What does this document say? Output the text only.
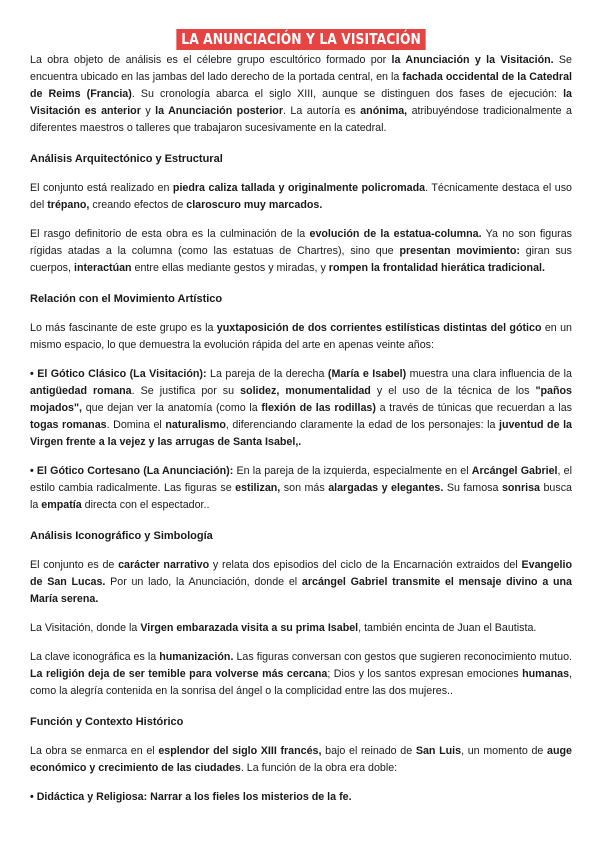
LA ANUNCIACIÓN Y LA VISITACIÓN

La obra objeto de análisis es el célebre grupo escultórico formado por la Anunciación y la Visitación. Se encuentra ubicado en las jambas del lado derecho de la portada central, en la fachada occidental de la Catedral de Reims (Francia). Su cronología abarca el siglo XIII, aunque se distinguen dos fases de ejecución: la Visitación es anterior y la Anunciación posterior. La autoría es anónima, atribuyéndose tradicionalmente a diferentes maestros o talleres que trabajaron sucesivamente en la catedral.

Análisis Arquitectónico y Estructural

El conjunto está realizado en piedra caliza tallada y originalmente policromada. Técnicamente destaca el uso del trépano, creando efectos de claroscuro muy marcados.

El rasgo definitorio de esta obra es la culminación de la evolución de la estatua-columna. Ya no son figuras rígidas atadas a la columna (como las estatuas de Chartres), sino que presentan movimiento: giran sus cuerpos, interactúan entre ellas mediante gestos y miradas, y rompen la frontalidad hierática tradicional.

Relación con el Movimiento Artístico

Lo más fascinante de este grupo es la yuxtaposición de dos corrientes estilísticas distintas del gótico en un mismo espacio, lo que demuestra la evolución rápida del arte en apenas veinte años:

• El Gótico Clásico (La Visitación): La pareja de la derecha (María e Isabel) muestra una clara influencia de la antigüedad romana. Se justifica por su solidez, monumentalidad y el uso de la técnica de los "paños mojados", que dejan ver la anatomía (como la flexión de las rodillas) a través de túnicas que recuerdan a las togas romanas. Domina el naturalismo, diferenciando claramente la edad de los personajes: la juventud de la Virgen frente a la vejez y las arrugas de Santa Isabel,.

• El Gótico Cortesano (La Anunciación): En la pareja de la izquierda, especialmente en el Arcángel Gabriel, el estilo cambia radicalmente. Las figuras se estilizan, son más alargadas y elegantes. Su famosa sonrisa busca la empatía directa con el espectador..

Análisis Iconográfico y Simbología

El conjunto es de carácter narrativo y relata dos episodios del ciclo de la Encarnación extraidos del Evangelio de San Lucas. Por un lado, la Anunciación, donde el arcángel Gabriel transmite el mensaje divino a una María serena.

La Visitación, donde la Virgen embarazada visita a su prima Isabel, también encinta de Juan el Bautista.

La clave iconográfica es la humanización. Las figuras conversan con gestos que sugieren reconocimiento mutuo. La religión deja de ser temible para volverse más cercana; Dios y los santos expresan emociones humanas, como la alegría contenida en la sonrisa del ángel o la complicidad entre las dos mujeres..

Función y Contexto Histórico

La obra se enmarca en el esplendor del siglo XIII francés, bajo el reinado de San Luis, un momento de auge económico y crecimiento de las ciudades. La función de la obra era doble:

• Didáctica y Religiosa: Narrar a los fieles los misterios de la fe.
